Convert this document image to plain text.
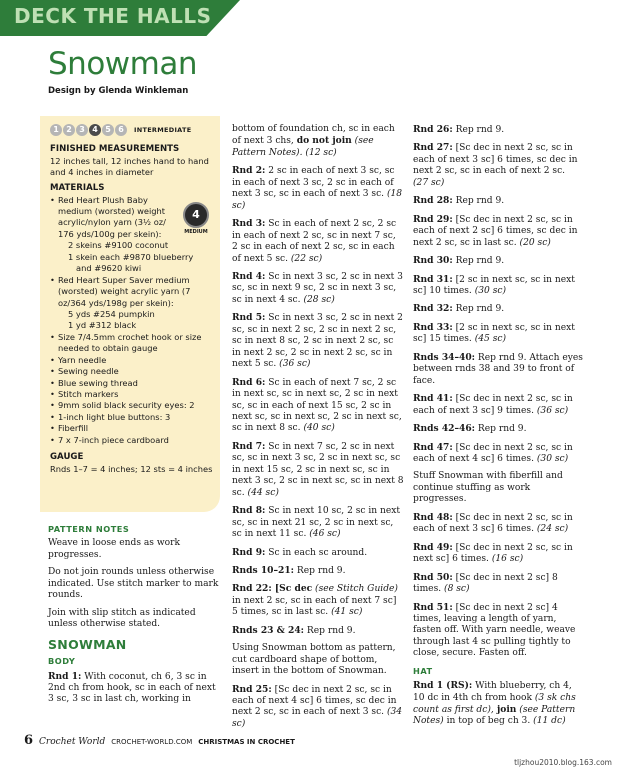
DECK THE HALLS
Snowman
Design by Glenda Winkleman
1 2 3 4 5 6	INTERMEDIATE
FINISHED MEASUREMENTS

12 inches tall, 12 inches hand to hand and 4 inches in diameter

MATERIALS
• Red Heart Plush Baby medium (worsted) weight acrylic/nylon yarn (3½ oz/ 176 yds/100g per skein):
2 skeins #9100 coconut
1 skein each #9870 blueberry
and #9620 kiwi
• Red Heart Super Saver medium (worsted) weight acrylic yarn (7 oz/364 yds/198g per skein):
5 yds #254 pumpkin
1 yd #312 black
• Size 7/4.5mm crochet hook or size needed to obtain gauge
• Yarn needle
• Sewing needle
• Blue sewing thread
• Stitch markers
• 9mm solid black security eyes: 2
• 1-inch light blue buttons: 3
• Fiberfill
• 7 x 7-inch piece cardboard
GAUGE

Rnds 1–7 = 4 inches; 12 sts = 4 inches

4
MEDIUM
PATTERN NOTES

Weave in loose ends as work progresses.

Do not join rounds unless otherwise indicated. Use stitch marker to mark rounds.

Join with slip stitch as indicated unless otherwise stated.

SNOWMAN
BODY

Rnd 1: With coconut, ch 6, 3 sc in 2nd ch from hook, sc in each of next 3 sc, 3 sc in last ch, working in

bottom of foundation ch, sc in each of next 3 chs, do not join (see Pattern Notes). (12 sc)

Rnd 2: 2 sc in each of next 3 sc, sc in each of next 3 sc, 2 sc in each of next 3 sc, sc in each of next 3 sc. (18 sc)

Rnd 3: Sc in each of next 2 sc, 2 sc in each of next 2 sc, sc in next 7 sc, 2 sc in each of next 2 sc, sc in each of next 5 sc. (22 sc)

Rnd 4: Sc in next 3 sc, 2 sc in next 3 sc, sc in next 9 sc, 2 sc in next 3 sc, sc in next 4 sc. (28 sc)

Rnd 5: Sc in next 3 sc, 2 sc in next 2 sc, sc in next 2 sc, 2 sc in next 2 sc, sc in next 8 sc, 2 sc in next 2 sc, sc in next 2 sc, 2 sc in next 2 sc, sc in next 5 sc. (36 sc)

Rnd 6: Sc in each of next 7 sc, 2 sc in next sc, sc in next sc, 2 sc in next sc, sc in each of next 15 sc, 2 sc in next sc, sc in next sc, 2 sc in next sc, sc in next 8 sc. (40 sc)

Rnd 7: Sc in next 7 sc, 2 sc in next sc, sc in next 3 sc, 2 sc in next sc, sc in next 15 sc, 2 sc in next sc, sc in next 3 sc, 2 sc in next sc, sc in next 8 sc. (44 sc)

Rnd 8: Sc in next 10 sc, 2 sc in next sc, sc in next 21 sc, 2 sc in next sc, sc in next 11 sc. (46 sc)

Rnd 9: Sc in each sc around.

Rnds 10–21: Rep rnd 9.

Rnd 22: [Sc dec (see Stitch Guide) in next 2 sc, sc in each of next 7 sc] 5 times, sc in last sc. (41 sc)

Rnds 23 & 24: Rep rnd 9.

Using Snowman bottom as pattern, cut cardboard shape of bottom, insert in the bottom of Snowman.

Rnd 25: [Sc dec in next 2 sc, sc in each of next 4 sc] 6 times, sc dec in next 2 sc, sc in each of next 3 sc. (34 sc)

Rnd 26: Rep rnd 9.

Rnd 27: [Sc dec in next 2 sc, sc in each of next 3 sc] 6 times, sc dec in next 2 sc, sc in each of next 2 sc. (27 sc)

Rnd 28: Rep rnd 9.

Rnd 29: [Sc dec in next 2 sc, sc in each of next 2 sc] 6 times, sc dec in next 2 sc, sc in last sc. (20 sc)

Rnd 30: Rep rnd 9.

Rnd 31: [2 sc in next sc, sc in next sc] 10 times. (30 sc)

Rnd 32: Rep rnd 9.

Rnd 33: [2 sc in next sc, sc in next sc] 15 times. (45 sc)

Rnds 34–40: Rep rnd 9. Attach eyes between rnds 38 and 39 to front of face.

Rnd 41: [Sc dec in next 2 sc, sc in each of next 3 sc] 9 times. (36 sc)

Rnds 42–46: Rep rnd 9.

Rnd 47: [Sc dec in next 2 sc, sc in each of next 4 sc] 6 times. (30 sc)

Stuff Snowman with fiberfill and continue stuffing as work progresses.

Rnd 48: [Sc dec in next 2 sc, sc in each of next 3 sc] 6 times. (24 sc)

Rnd 49: [Sc dec in next 2 sc, sc in next sc] 6 times. (16 sc)

Rnd 50: [Sc dec in next 2 sc] 8 times. (8 sc)

Rnd 51: [Sc dec in next 2 sc] 4 times, leaving a length of yarn, fasten off. With yarn needle, weave through last 4 sc pulling tightly to close, secure. Fasten off.

HAT

Rnd 1 (RS): With blueberry, ch 4, 10 dc in 4th ch from hook (3 sk chs count as first dc), join (see Pattern Notes) in top of beg ch 3. (11 dc)

6 Crochet World CROCHET-WORLD.COM CHRISTMAS IN CROCHET
tljzhou2010.blog.163.com
